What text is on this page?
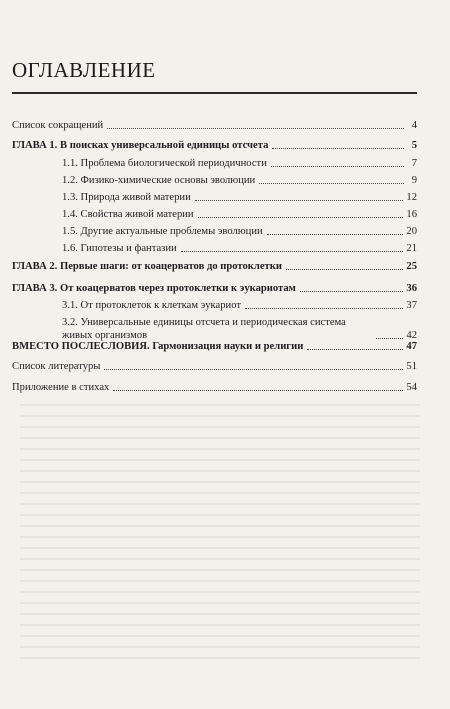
ОГЛАВЛЕНИЕ
Список сокращений	4
ГЛАВА 1. В поисках универсальной единицы отсчета	5
1.1. Проблема биологической периодичности	7
1.2. Физико-химические основы эволюции	9
1.3. Природа живой материи	12
1.4. Свойства живой материи	16
1.5. Другие актуальные проблемы эволюции	20
1.6. Гипотезы и фантазии	21
ГЛАВА 2. Первые шаги: от коацерватов до протоклетки	25
ГЛАВА 3. От коацерватов через протоклетки к эукариотам	36
3.1. От протоклеток к клеткам эукариот	37
3.2. Универсальные единицы отсчета и периодическая система живых организмов	42
ВМЕСТО ПОСЛЕСЛОВИЯ. Гармонизация науки и религии	47
Список литературы	51
Приложение в стихах	54
